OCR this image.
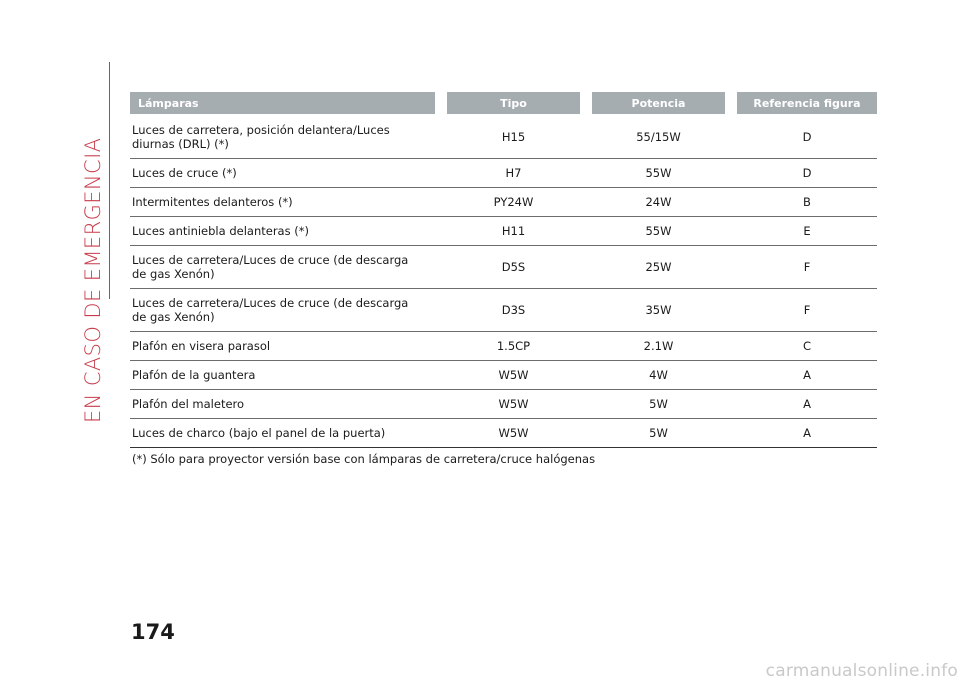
EN CASO DE EMERGENCIA
Lámparas		Tipo		Potencia		Referencia figura
Luces de carretera, posición delantera/Luces diurnas (DRL) (*)		H15		55/15W		D
Luces de cruce (*)		H7		55W		D
Intermitentes delanteros (*)		PY24W		24W		B
Luces antiniebla delanteras (*)		H11		55W		E
Luces de carretera/Luces de cruce (de descarga de gas Xenón)		D5S		25W		F
Luces de carretera/Luces de cruce (de descarga de gas Xenón)		D3S		35W		F
Plafón en visera parasol		1.5CP		2.1W		C
Plafón de la guantera		W5W		4W		A
Plafón del maletero		W5W		5W		A
Luces de charco (bajo el panel de la puerta)		W5W		5W		A
(*) Sólo para proyector versión base con lámparas de carretera/cruce halógenas
174
carmanualsonline.info
